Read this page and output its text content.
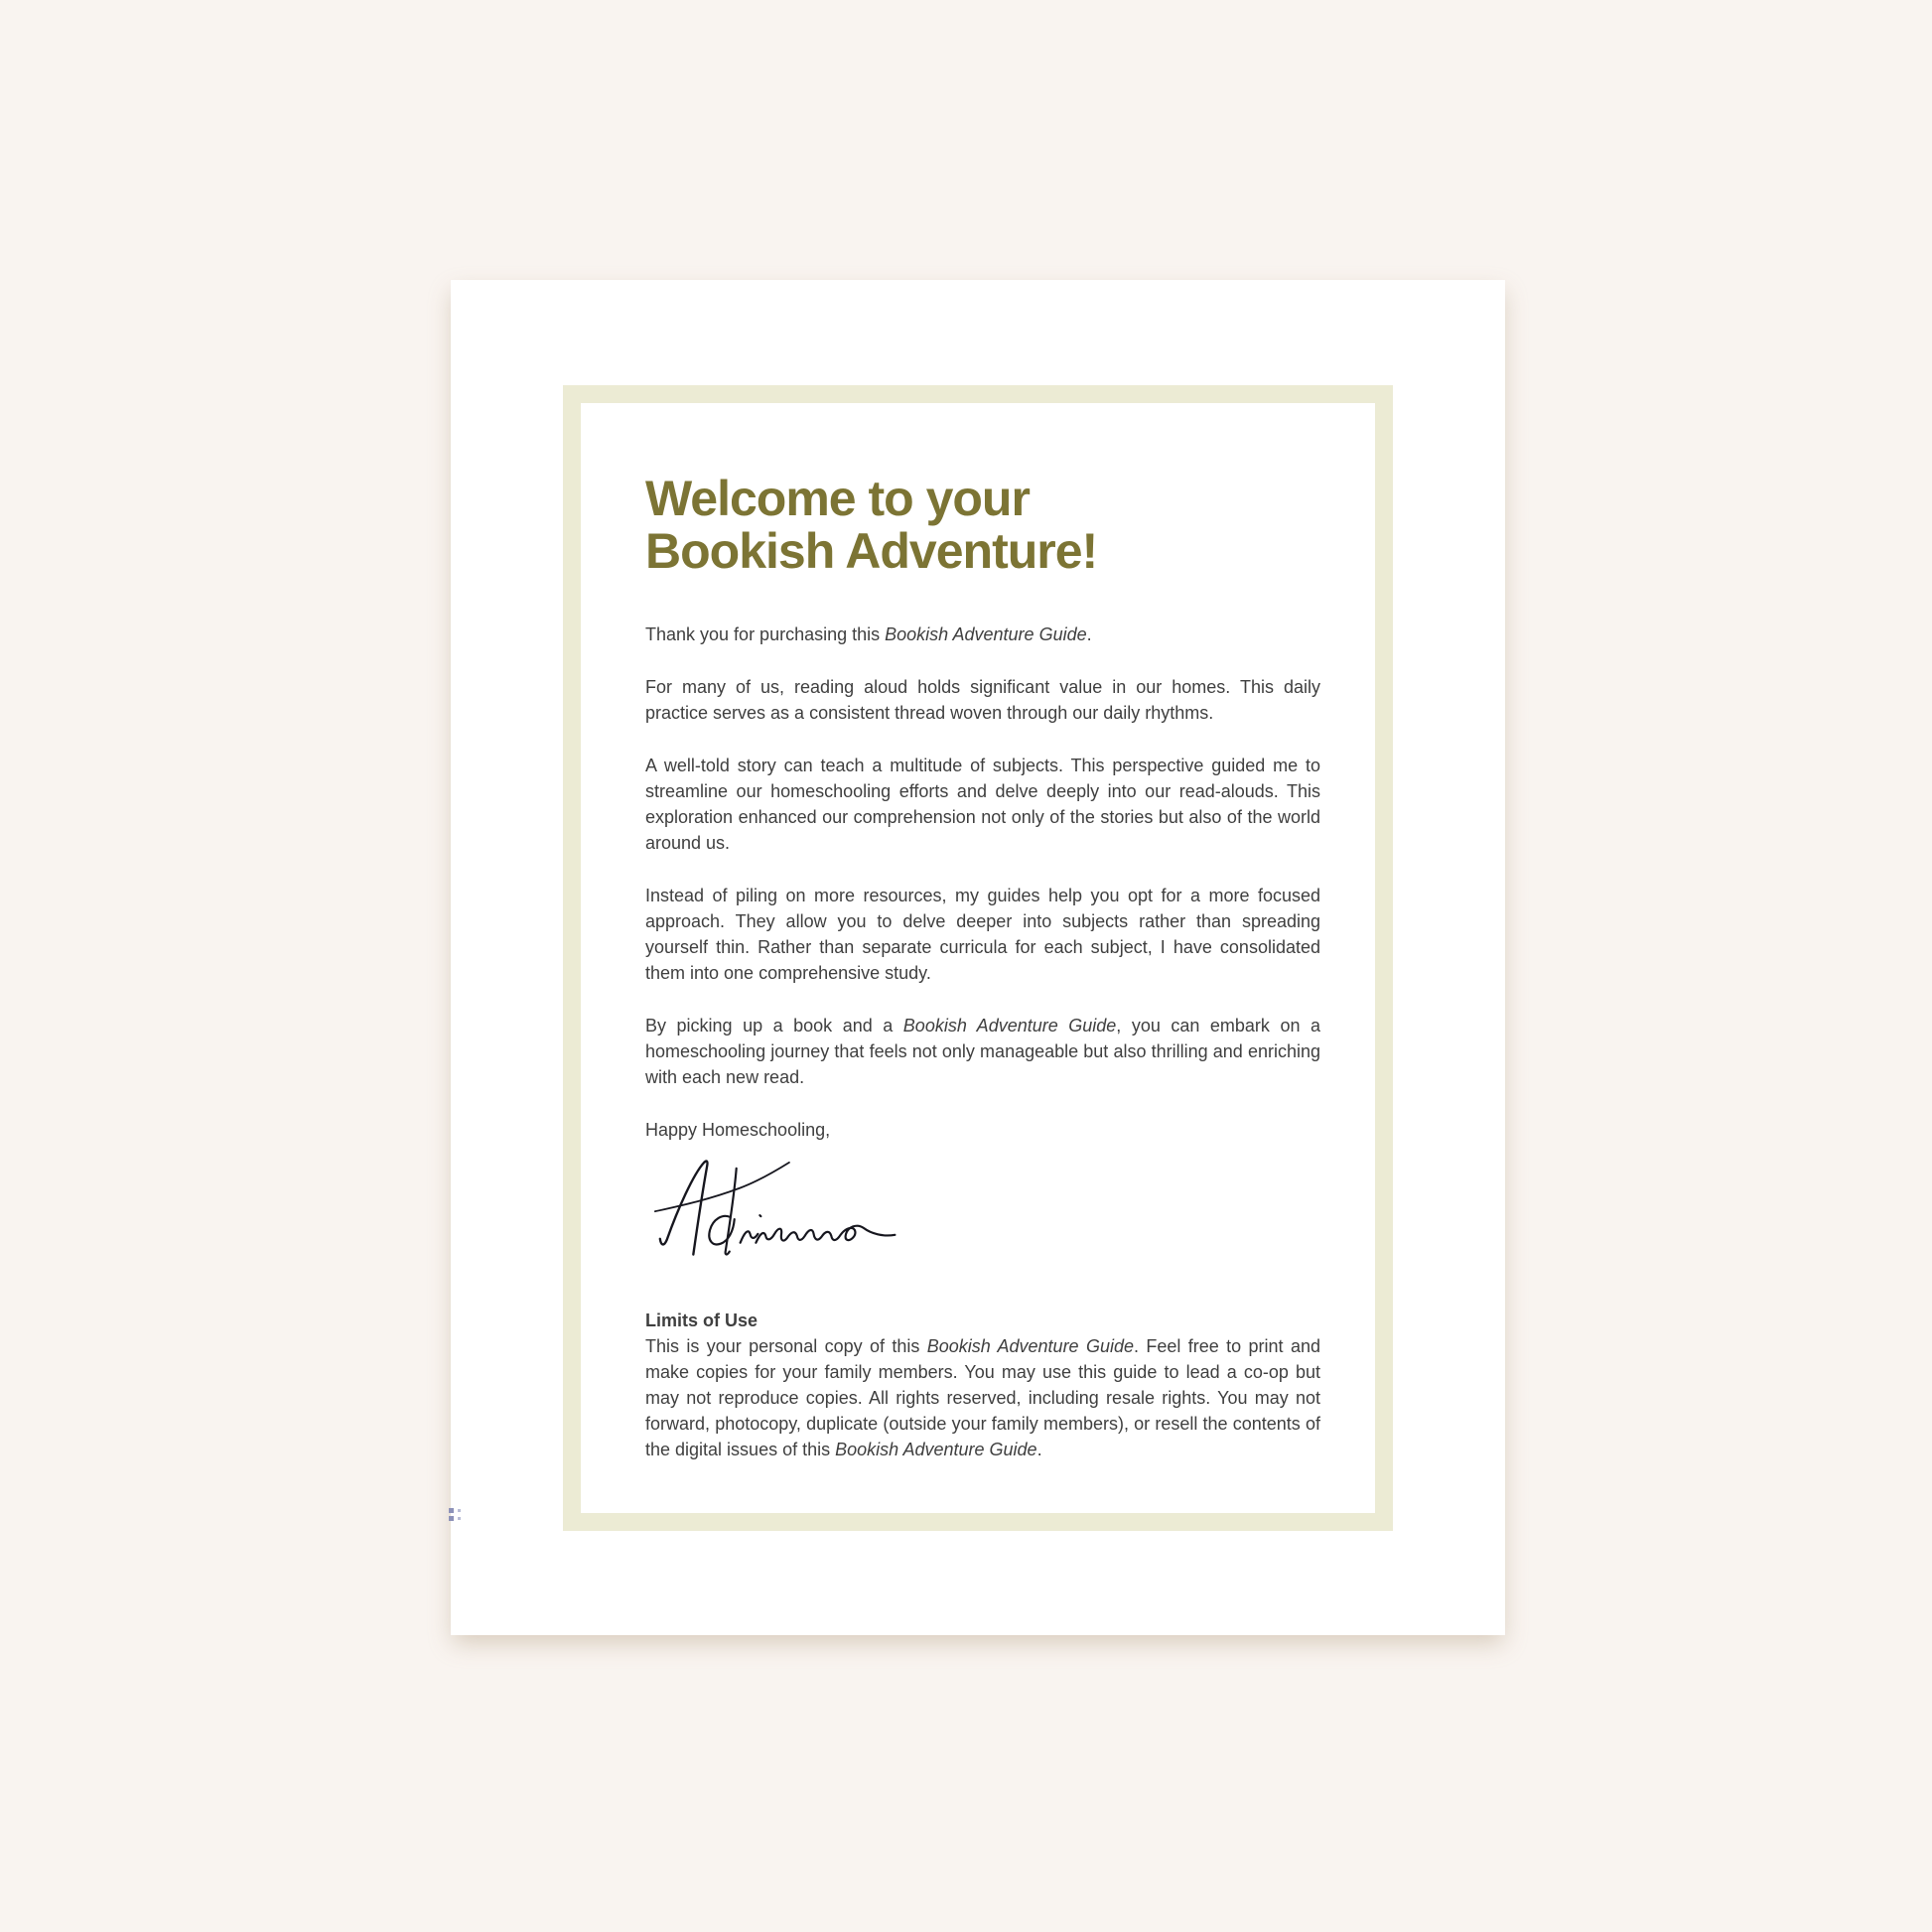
Welcome to your
Bookish Adventure!

Thank you for purchasing this Bookish Adventure Guide.

For many of us, reading aloud holds significant value in our homes. This daily practice serves as a consistent thread woven through our daily rhythms.

A well-told story can teach a multitude of subjects. This perspective guided me to streamline our homeschooling efforts and delve deeply into our read-alouds. This exploration enhanced our comprehension not only of the stories but also of the world around us.

Instead of piling on more resources, my guides help you opt for a more focused approach. They allow you to delve deeper into subjects rather than spreading yourself thin. Rather than separate curricula for each subject, I have consolidated them into one comprehensive study.

By picking up a book and a Bookish Adventure Guide, you can embark on a homeschooling journey that feels not only manageable but also thrilling and enriching with each new read.

Happy Homeschooling,

Limits of Use

This is your personal copy of this Bookish Adventure Guide. Feel free to print and make copies for your family members. You may use this guide to lead a co-op but may not reproduce copies. All rights reserved, including resale rights. You may not forward, photocopy, duplicate (outside your family members), or resell the contents of the digital issues of this Bookish Adventure Guide.
